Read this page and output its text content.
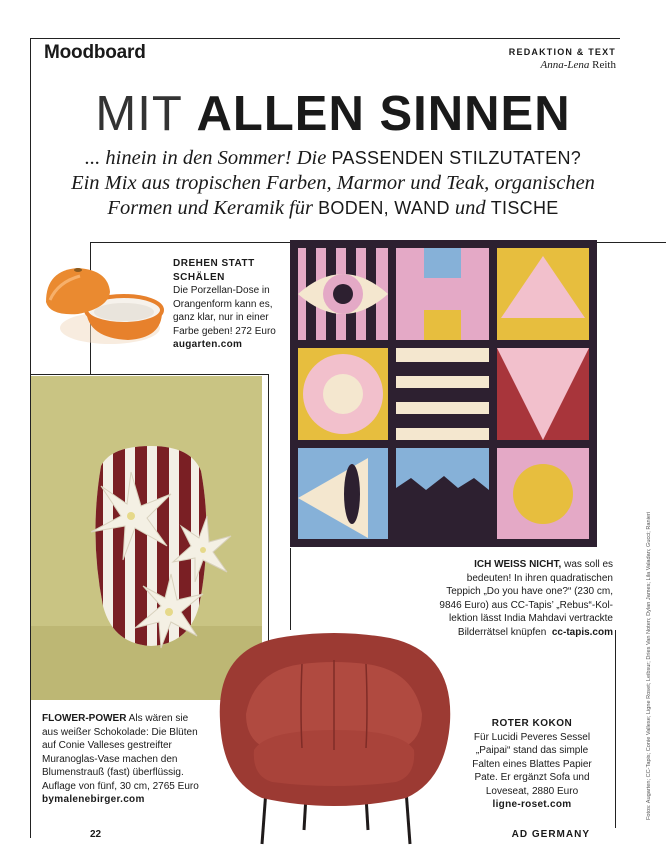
Moodboard	REDAKTION & TEXT
Anna-Lena Reith
MIT ALLEN SINNEN
... hinein in den Sommer! Die PASSENDEN STILZUTATEN?
Ein Mix aus tropischen Farben, Marmor und Teak, organischen
Formen und Keramik für BODEN, WAND und TISCHE
DREHEN STATT
SCHÄLEN
Die Porzellan-Dose in
Orangenform kann es,
ganz klar, nur in einer
Farbe geben! 272 Euro
augarten.com
ICH WEISS NICHT, was soll es
bedeuten! In ihren quadratischen
Teppich „Do you have one?“ (230 cm,
9846 Euro) aus CC-Tapis’ „Rebus“-Kol-
lektion lässt India Mahdavi vertrackte
Bilderrätsel knüpfen cc-tapis.com
FLOWER-POWER Als wären sie
aus weißer Schokolade: Die Blüten
auf Conie Valleses gestreifter
Muranoglas-Vase machen den
Blumenstrauß (fast) überflüssig.
Auflage von fünf, 30 cm, 2765 Euro
bymalenebirger.com
ROTER KOKON
Für Lucidi Peveres Sessel
„Paipai“ stand das simple
Falten eines Blattes Papier
Pate. Er ergänzt Sofa und
Loveseat, 2880 Euro
ligne-roset.com
22	AD GERMANY
Fotos: Augarten; CC-Tapis; Conie Vallese; Ligne Roset; Leibsur; Dries Van Noten; Dylan James; Lila Valadan; Gucci; Ranieri
